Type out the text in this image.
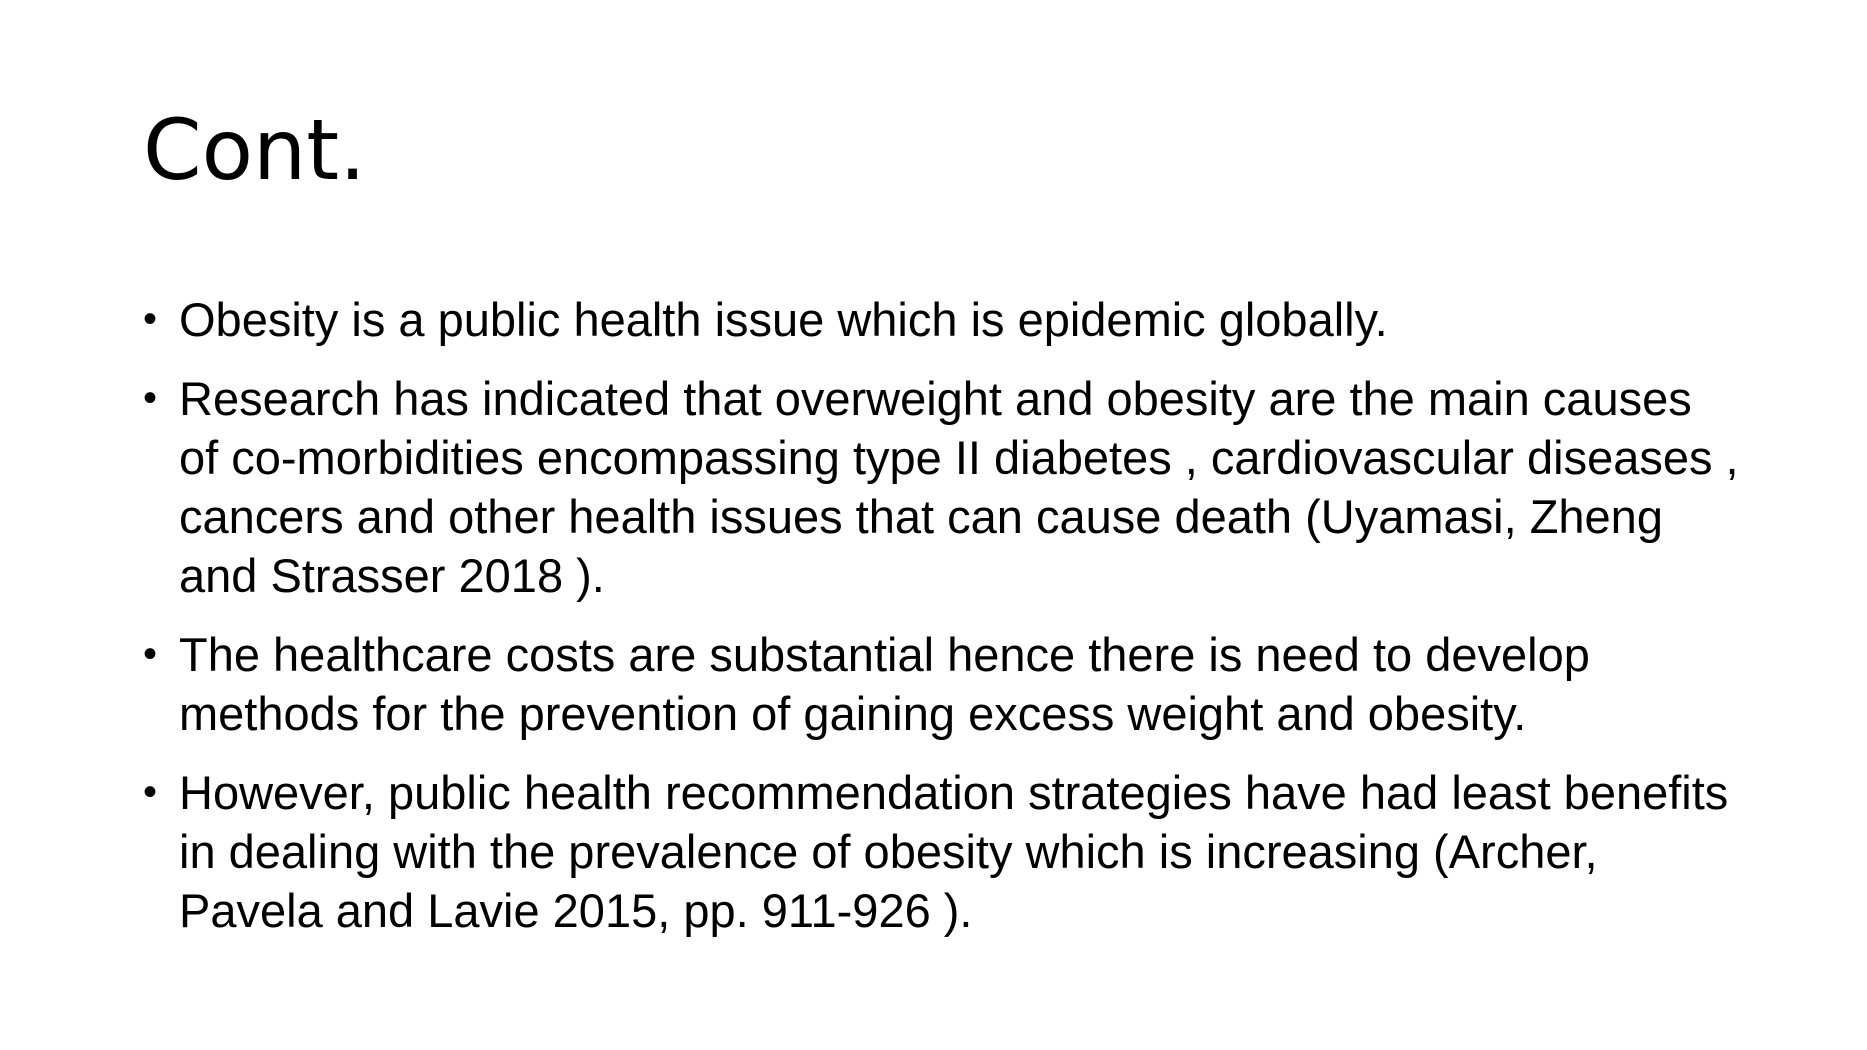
Cont.
• Obesity is a public health issue which is epidemic globally.
• Research has indicated that overweight and obesity are the main causes of co-morbidities encompassing type II diabetes , cardiovascular diseases , cancers and other health issues that can cause death (Uyamasi, Zheng and Strasser 2018 ).
• The healthcare costs are substantial hence there is need to develop methods for the prevention of gaining excess weight and obesity.
• However, public health recommendation strategies have had least benefits in dealing with the prevalence of obesity which is increasing (Archer, Pavela and Lavie 2015, pp. 911-926 ).
